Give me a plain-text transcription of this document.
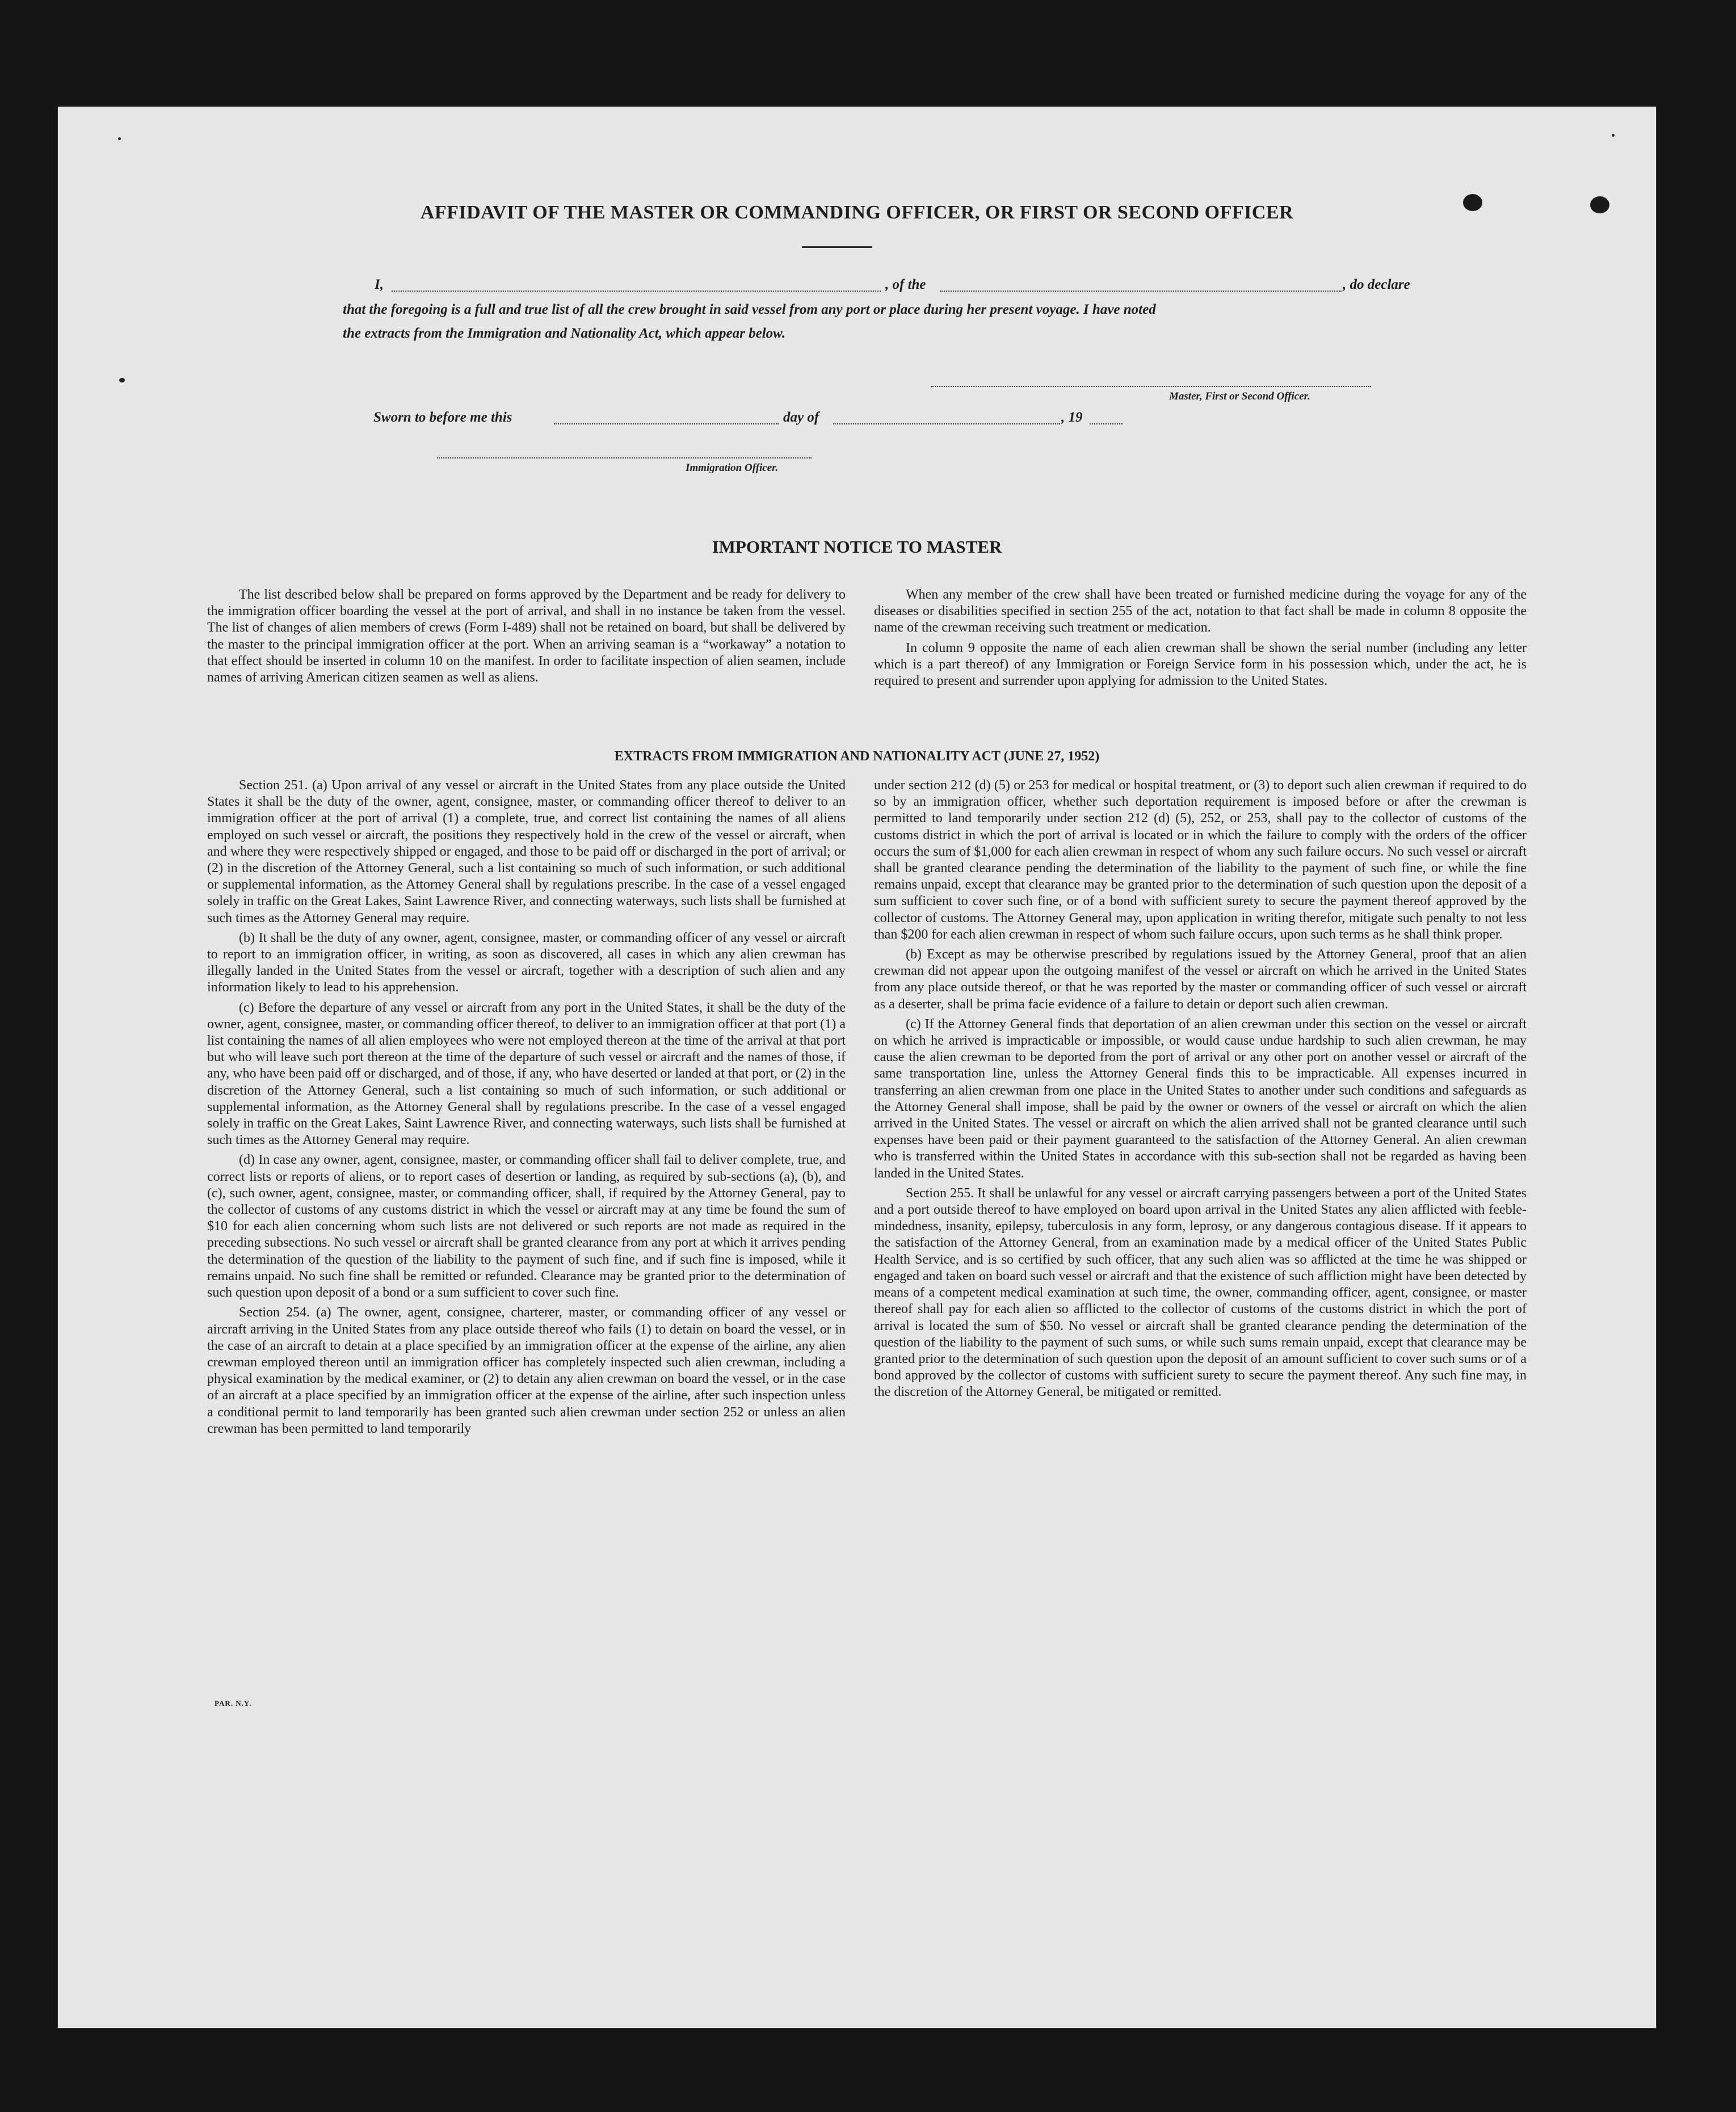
AFFIDAVIT OF THE MASTER OR COMMANDING OFFICER, OR FIRST OR SECOND OFFICER
I,	, of the	, do declare
that the foregoing is a full and true list of all the crew brought in said vessel from any port or place during her present voyage. I have noted
the extracts from the Immigration and Nationality Act, which appear below.
Master, First or Second Officer.
Sworn to before me this	day of	, 19
Immigration Officer.
IMPORTANT NOTICE TO MASTER

The list described below shall be prepared on forms approved by the Department and be ready for delivery to the immigration officer boarding the vessel at the port of arrival, and shall in no instance be taken from the vessel. The list of changes of alien members of crews (Form I-489) shall not be retained on board, but shall be delivered by the master to the principal immigration officer at the port. When an arriving seaman is a “workaway” a notation to that effect should be inserted in column 10 on the manifest. In order to facilitate inspection of alien seamen, include names of arriving American citizen seamen as well as aliens.

When any member of the crew shall have been treated or furnished medicine during the voyage for any of the diseases or disabilities specified in section 255 of the act, notation to that fact shall be made in column 8 opposite the name of the crewman receiving such treatment or medication.

In column 9 opposite the name of each alien crewman shall be shown the serial number (including any letter which is a part thereof) of any Immigration or Foreign Service form in his possession which, under the act, he is required to present and surrender upon applying for admission to the United States.

EXTRACTS FROM IMMIGRATION AND NATIONALITY ACT (JUNE 27, 1952)

Section 251. (a) Upon arrival of any vessel or aircraft in the United States from any place outside the United States it shall be the duty of the owner, agent, consignee, master, or commanding officer thereof to deliver to an immigration officer at the port of arrival (1) a complete, true, and correct list containing the names of all aliens employed on such vessel or aircraft, the positions they respectively hold in the crew of the vessel or aircraft, when and where they were respectively shipped or engaged, and those to be paid off or discharged in the port of arrival; or (2) in the discretion of the Attorney General, such a list containing so much of such information, or such additional or supplemental information, as the Attorney General shall by regulations prescribe. In the case of a vessel engaged solely in traffic on the Great Lakes, Saint Lawrence River, and connecting waterways, such lists shall be furnished at such times as the Attorney General may require.

(b) It shall be the duty of any owner, agent, consignee, master, or commanding officer of any vessel or aircraft to report to an immigration officer, in writing, as soon as discovered, all cases in which any alien crewman has illegally landed in the United States from the vessel or aircraft, together with a description of such alien and any information likely to lead to his apprehension.

(c) Before the departure of any vessel or aircraft from any port in the United States, it shall be the duty of the owner, agent, consignee, master, or commanding officer thereof, to deliver to an immigration officer at that port (1) a list containing the names of all alien employees who were not employed thereon at the time of the arrival at that port but who will leave such port thereon at the time of the departure of such vessel or aircraft and the names of those, if any, who have been paid off or discharged, and of those, if any, who have deserted or landed at that port, or (2) in the discretion of the Attorney General, such a list containing so much of such information, or such additional or supplemental information, as the Attorney General shall by regulations prescribe. In the case of a vessel engaged solely in traffic on the Great Lakes, Saint Lawrence River, and connecting waterways, such lists shall be furnished at such times as the Attorney General may require.

(d) In case any owner, agent, consignee, master, or commanding officer shall fail to deliver complete, true, and correct lists or reports of aliens, or to report cases of desertion or landing, as required by sub-sections (a), (b), and (c), such owner, agent, consignee, master, or commanding officer, shall, if required by the Attorney General, pay to the collector of customs of any customs district in which the vessel or aircraft may at any time be found the sum of $10 for each alien concerning whom such lists are not delivered or such reports are not made as required in the preceding subsections. No such vessel or aircraft shall be granted clearance from any port at which it arrives pending the determination of the question of the liability to the payment of such fine, and if such fine is imposed, while it remains unpaid. No such fine shall be remitted or refunded. Clearance may be granted prior to the determination of such question upon deposit of a bond or a sum sufficient to cover such fine.

Section 254. (a) The owner, agent, consignee, charterer, master, or commanding officer of any vessel or aircraft arriving in the United States from any place outside thereof who fails (1) to detain on board the vessel, or in the case of an aircraft to detain at a place specified by an immigration officer at the expense of the airline, any alien crewman employed thereon until an immigration officer has completely inspected such alien crewman, including a physical examination by the medical examiner, or (2) to detain any alien crewman on board the vessel, or in the case of an aircraft at a place specified by an immigration officer at the expense of the airline, after such inspection unless a conditional permit to land temporarily has been granted such alien crewman under section 252 or unless an alien crewman has been permitted to land temporarily

under section 212 (d) (5) or 253 for medical or hospital treatment, or (3) to deport such alien crewman if required to do so by an immigration officer, whether such deportation requirement is imposed before or after the crewman is permitted to land temporarily under section 212 (d) (5), 252, or 253, shall pay to the collector of customs of the customs district in which the port of arrival is located or in which the failure to comply with the orders of the officer occurs the sum of $1,000 for each alien crewman in respect of whom any such failure occurs. No such vessel or aircraft shall be granted clearance pending the determination of the liability to the payment of such fine, or while the fine remains unpaid, except that clearance may be granted prior to the determination of such question upon the deposit of a sum sufficient to cover such fine, or of a bond with sufficient surety to secure the payment thereof approved by the collector of customs. The Attorney General may, upon application in writing therefor, mitigate such penalty to not less than $200 for each alien crewman in respect of whom such failure occurs, upon such terms as he shall think proper.

(b) Except as may be otherwise prescribed by regulations issued by the Attorney General, proof that an alien crewman did not appear upon the outgoing manifest of the vessel or aircraft on which he arrived in the United States from any place outside thereof, or that he was reported by the master or commanding officer of such vessel or aircraft as a deserter, shall be prima facie evidence of a failure to detain or deport such alien crewman.

(c) If the Attorney General finds that deportation of an alien crewman under this section on the vessel or aircraft on which he arrived is impracticable or impossible, or would cause undue hardship to such alien crewman, he may cause the alien crewman to be deported from the port of arrival or any other port on another vessel or aircraft of the same transportation line, unless the Attorney General finds this to be impracticable. All expenses incurred in transferring an alien crewman from one place in the United States to another under such conditions and safeguards as the Attorney General shall impose, shall be paid by the owner or owners of the vessel or aircraft on which the alien arrived in the United States. The vessel or aircraft on which the alien arrived shall not be granted clearance until such expenses have been paid or their payment guaranteed to the satisfaction of the Attorney General. An alien crewman who is transferred within the United States in accordance with this sub-section shall not be regarded as having been landed in the United States.

Section 255. It shall be unlawful for any vessel or aircraft carrying passengers between a port of the United States and a port outside thereof to have employed on board upon arrival in the United States any alien afflicted with feeble-mindedness, insanity, epilepsy, tuberculosis in any form, leprosy, or any dangerous contagious disease. If it appears to the satisfaction of the Attorney General, from an examination made by a medical officer of the United States Public Health Service, and is so certified by such officer, that any such alien was so afflicted at the time he was shipped or engaged and taken on board such vessel or aircraft and that the existence of such affliction might have been detected by means of a competent medical examination at such time, the owner, commanding officer, agent, consignee, or master thereof shall pay for each alien so afflicted to the collector of customs of the customs district in which the port of arrival is located the sum of $50. No vessel or aircraft shall be granted clearance pending the determination of the question of the liability to the payment of such sums, or while such sums remain unpaid, except that clearance may be granted prior to the determination of such question upon the deposit of an amount sufficient to cover such sums or of a bond approved by the collector of customs with sufficient surety to secure the payment thereof. Any such fine may, in the discretion of the Attorney General, be mitigated or remitted.

PAR. N.Y.
